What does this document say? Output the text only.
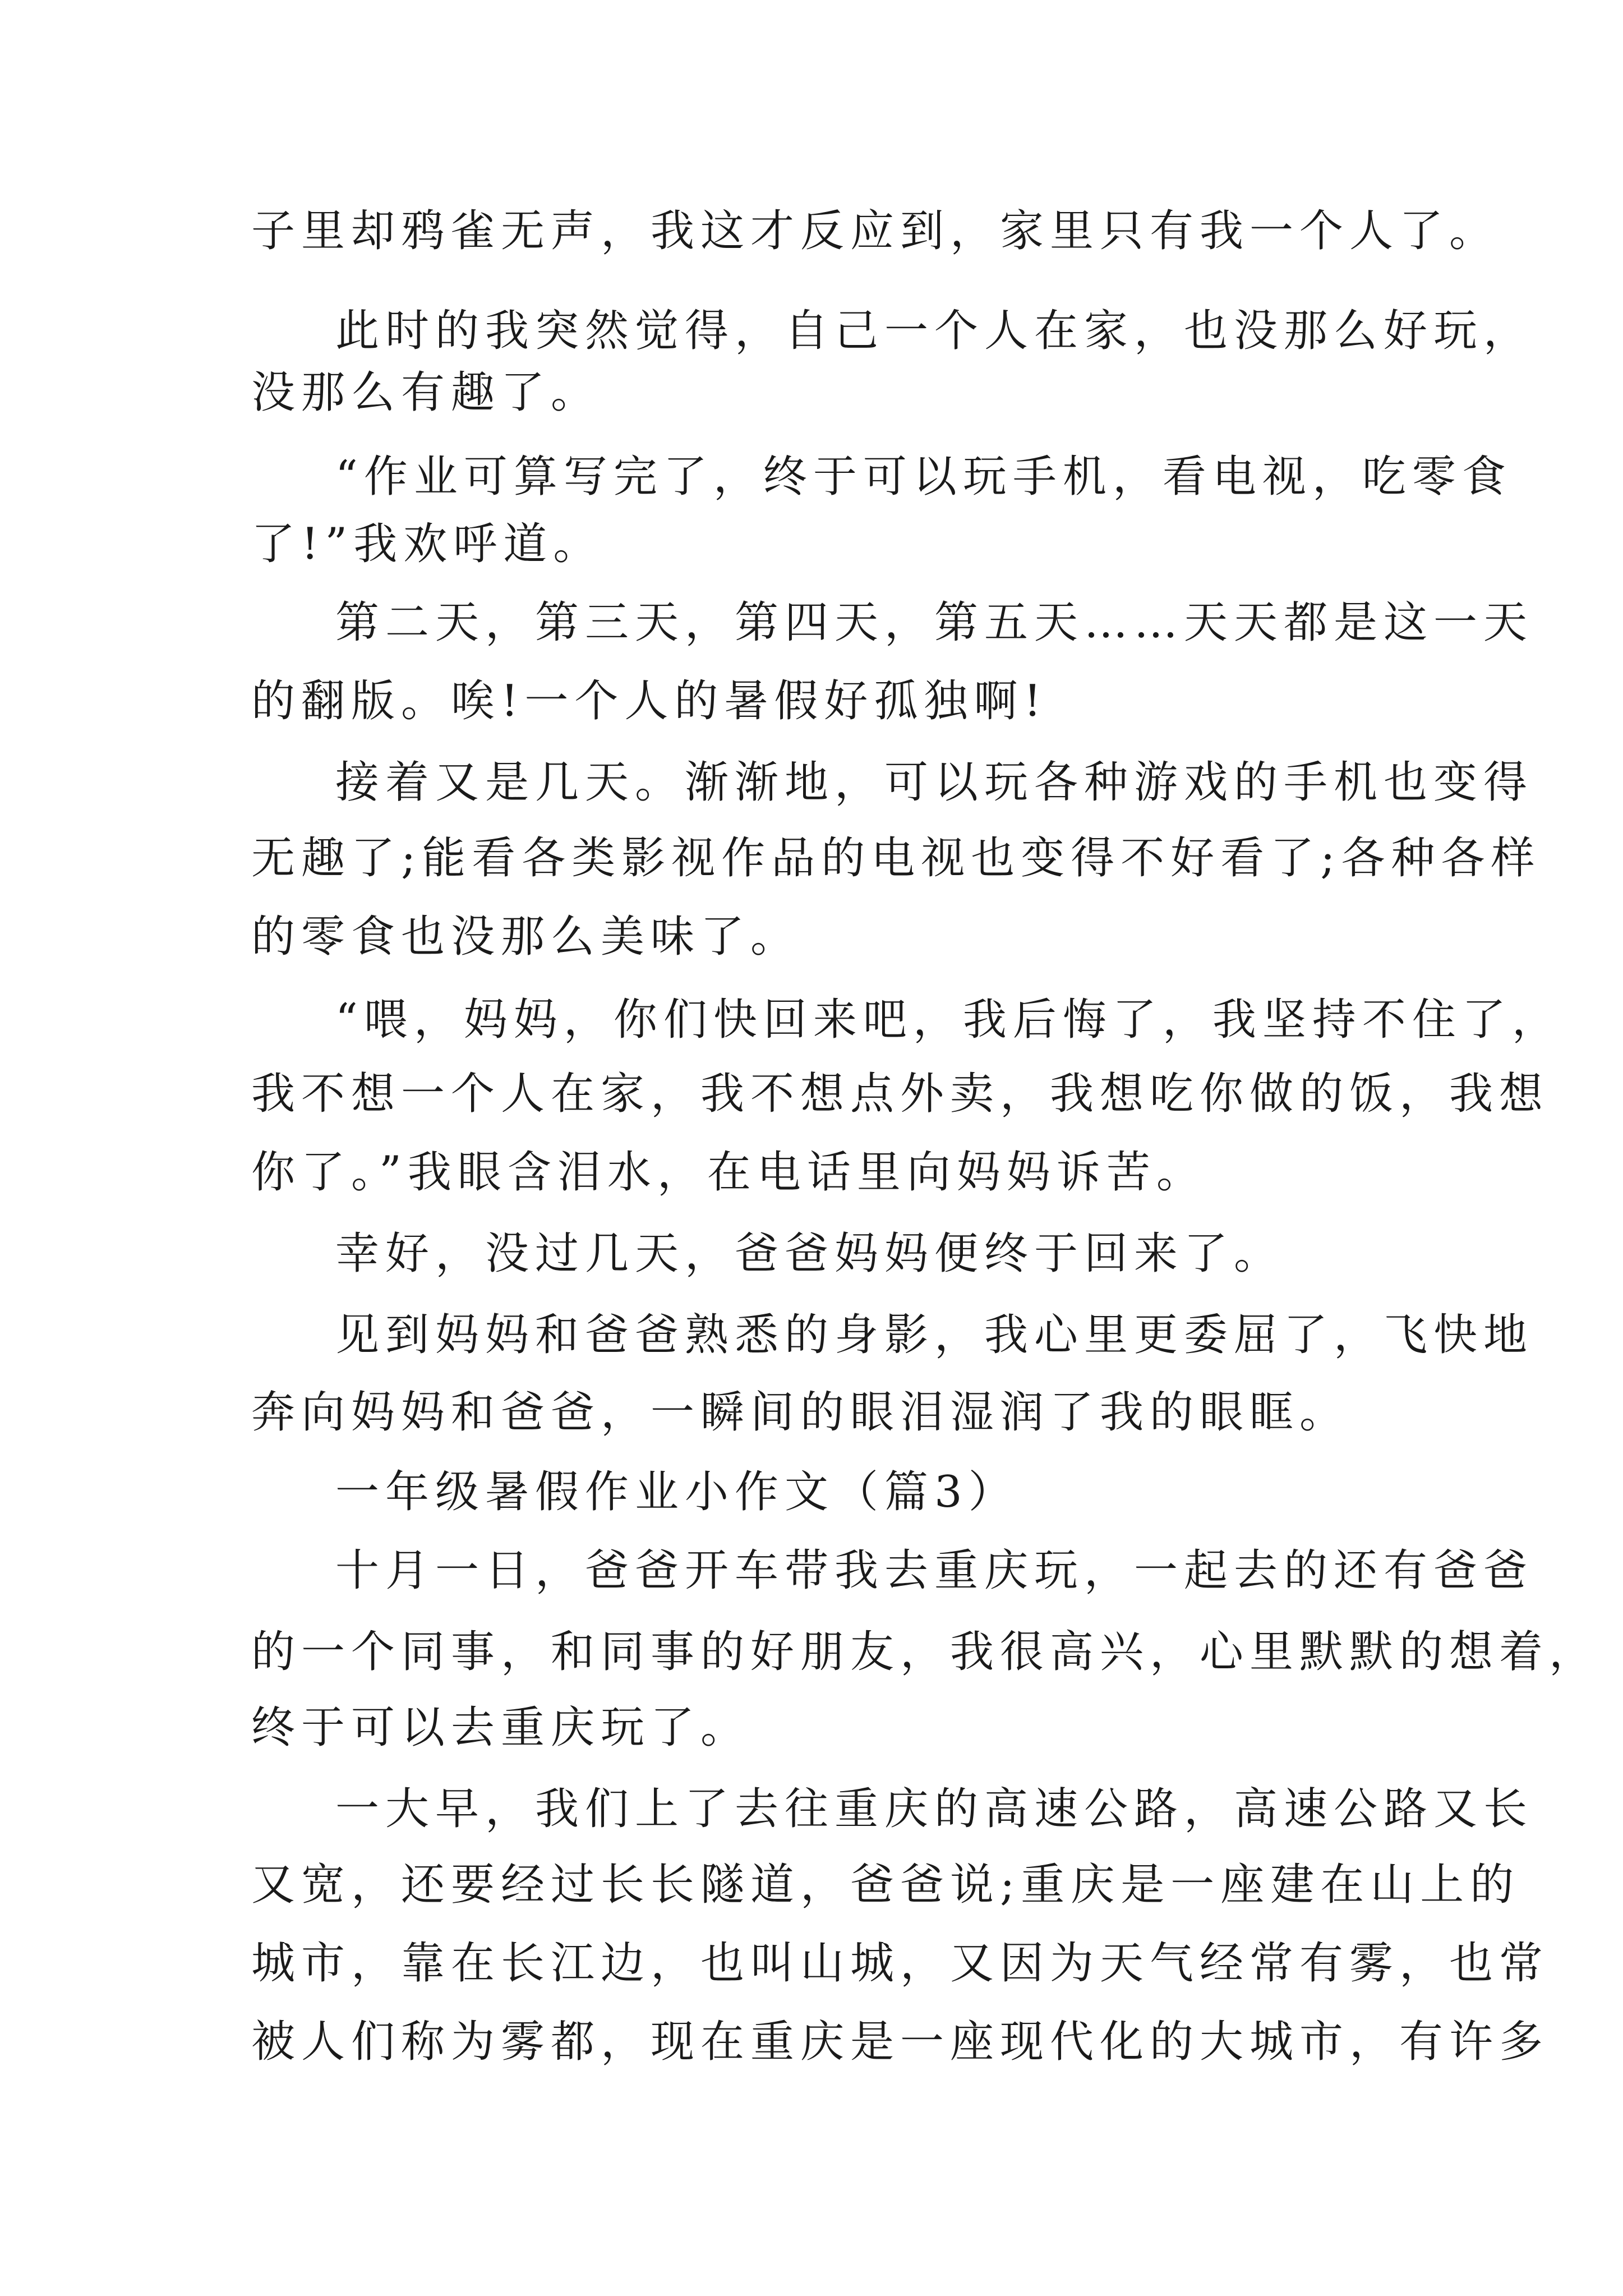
子里却鸦雀无声，我这才反应到，家里只有我一个人了。
此时的我突然觉得，自己一个人在家，也没那么好玩，
没那么有趣了。
“作业可算写完了，终于可以玩手机，看电视，吃零食
了!”我欢呼道。
第二天，第三天，第四天，第五天……天天都是这一天
的翻版。唉!一个人的暑假好孤独啊!
接着又是几天。渐渐地，可以玩各种游戏的手机也变得
无趣了;能看各类影视作品的电视也变得不好看了;各种各样
的零食也没那么美味了。
“喂，妈妈，你们快回来吧，我后悔了，我坚持不住了，
我不想一个人在家，我不想点外卖，我想吃你做的饭，我想
你了。”我眼含泪水，在电话里向妈妈诉苦。
幸好，没过几天，爸爸妈妈便终于回来了。
见到妈妈和爸爸熟悉的身影，我心里更委屈了，飞快地
奔向妈妈和爸爸，一瞬间的眼泪湿润了我的眼眶。
一年级暑假作业小作文（篇3）
十月一日，爸爸开车带我去重庆玩，一起去的还有爸爸
的一个同事，和同事的好朋友，我很高兴，心里默默的想着，
终于可以去重庆玩了。
一大早，我们上了去往重庆的高速公路，高速公路又长
又宽，还要经过长长隧道，爸爸说;重庆是一座建在山上的
城市，靠在长江边，也叫山城，又因为天气经常有雾，也常
被人们称为雾都，现在重庆是一座现代化的大城市，有许多
